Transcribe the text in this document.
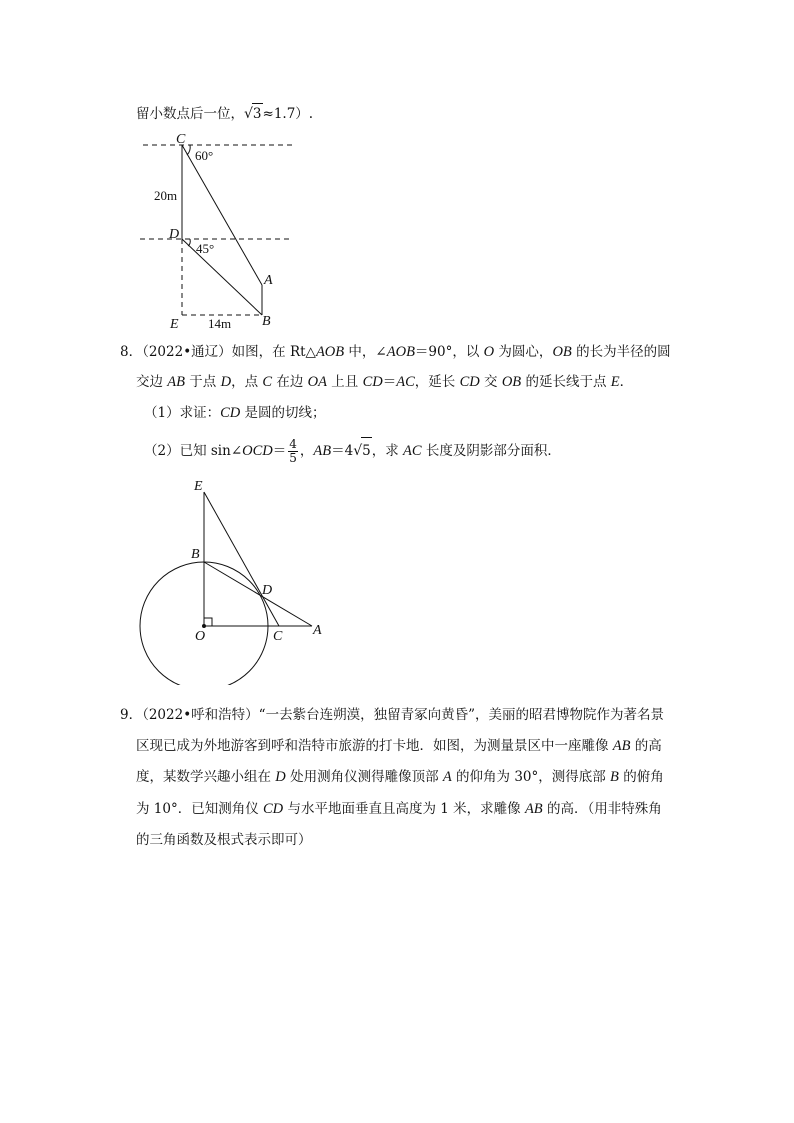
留小数点后一位，√3≈1.7）.
C
60°
20m
D
45°
A
E 14m B
8．（2022•通辽）如图，在 Rt△AOB 中，∠AOB＝90°，以 O 为圆心，OB 的长为半径的圆
交边 AB 于点 D，点 C 在边 OA 上且 CD＝AC，延长 CD 交 OB 的延长线于点 E．
（1）求证：CD 是圆的切线；
（2）已知 sin∠OCD＝ $\frac{4}{5}$ ，AB＝4√5，求 AC 长度及阴影部分面积．
E
B
D
O	C A
9．（2022•呼和浩特）“一去紫台连朔漠，独留青冢向黄昏”，美丽的昭君博物院作为著名景
区现已成为外地游客到呼和浩特市旅游的打卡地．如图，为测量景区中一座雕像 AB 的高
度，某数学兴趣小组在 D 处用测角仪测得雕像顶部 A 的仰角为 30°，测得底部 B 的俯角
为 10°．已知测角仪 CD 与水平地面垂直且高度为 1 米，求雕像 AB 的高．（用非特殊角
的三角函数及根式表示即可）
